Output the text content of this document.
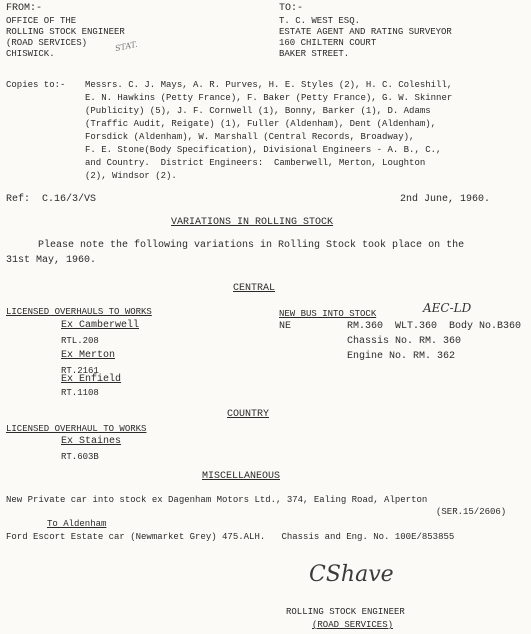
FROM:-
OFFICE OF THE
ROLLING STOCK ENGINEER
(ROAD SERVICES)
CHISWICK.
STAT.
TO:-
T. C. WEST ESQ.
ESTATE AGENT AND RATING SURVEYOR
160 CHILTERN COURT
BAKER STREET.
Copies to:- Messrs. C. J. Mays, A. R. Purves, H. E. Styles (2), H. C. Coleshill,
E. N. Hawkins (Petty France), F. Baker (Petty France), G. W. Skinner
(Publicity) (5), J. F. Cornwell (1), Bonny, Barker (1), D. Adams
(Traffic Audit, Reigate) (1), Fuller (Aldenham), Dent (Aldenham),
Forsdick (Aldenham), W. Marshall (Central Records, Broadway),
F. E. Stone(Body Specification), Divisional Engineers - A. B., C.,
and Country.  District Engineers:  Camberwell, Merton, Loughton
(2), Windsor (2).
Ref:  C.16/3/VS	2nd June, 1960.
VARIATIONS IN ROLLING STOCK
Please note the following variations in Rolling Stock took place on the
31st May, 1960.
CENTRAL
LICENSED OVERHAULS TO WORKS
Ex Camberwell
RTL.208
Ex Merton
RT.2161
Ex Enfield
RT.1108
NEW BUS INTO STOCK	AEC-LD
NE	RM.360  WLT.360  Body No.B360
Chassis No. RM. 360
Engine No. RM. 362
COUNTRY
LICENSED OVERHAUL TO WORKS
Ex Staines
RT.603B
MISCELLANEOUS
New Private car into stock ex Dagenham Motors Ltd., 374, Ealing Road, Alperton
(SER.15/2606)
To Aldenham
Ford Escort Estate car (Newmarket Grey) 475.ALH.   Chassis and Eng. No. 100E/853855
CShave
ROLLING STOCK ENGINEER
(ROAD SERVICES)
